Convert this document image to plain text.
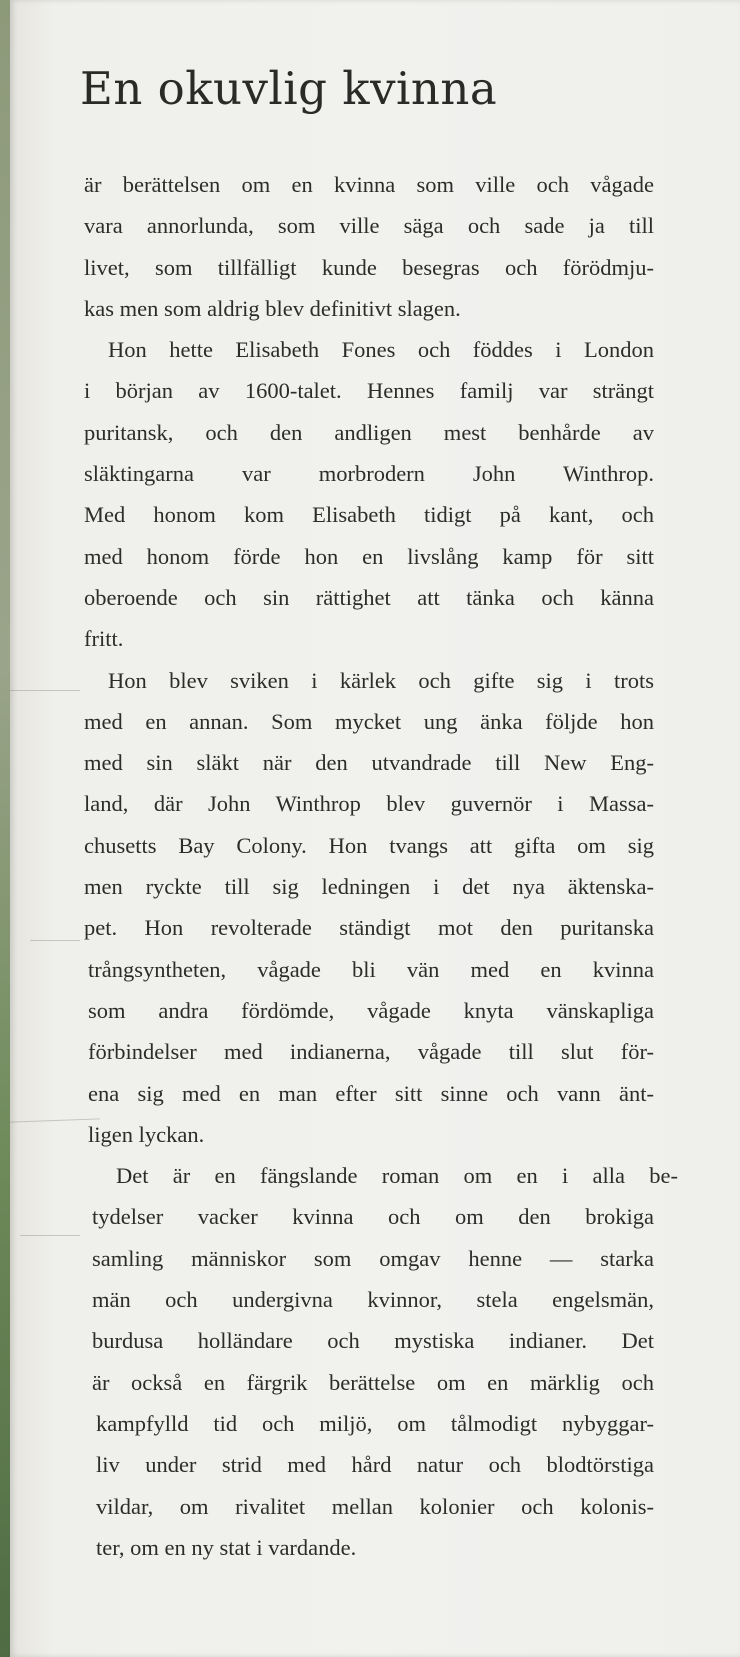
En okuvlig kvinna
är berättelsen om en kvinna som ville och vågade
vara annorlunda, som ville säga och sade ja till
livet, som tillfälligt kunde besegras och förödmju-
kas men som aldrig blev definitivt slagen.
Hon hette Elisabeth Fones och föddes i London
i början av 1600-talet. Hennes familj var strängt
puritansk, och den andligen mest benhårde av
släktingarna var morbrodern John Winthrop.
Med honom kom Elisabeth tidigt på kant, och
med honom förde hon en livslång kamp för sitt
oberoende och sin rättighet att tänka och känna
fritt.
Hon blev sviken i kärlek och gifte sig i trots
med en annan. Som mycket ung änka följde hon
med sin släkt när den utvandrade till New Eng-
land, där John Winthrop blev guvernör i Massa-
chusetts Bay Colony. Hon tvangs att gifta om sig
men ryckte till sig ledningen i det nya äktenska-
pet. Hon revolterade ständigt mot den puritanska
trångsyntheten, vågade bli vän med en kvinna
som andra fördömde, vågade knyta vänskapliga
förbindelser med indianerna, vågade till slut för-
ena sig med en man efter sitt sinne och vann änt-
ligen lyckan.
Det är en fängslande roman om en i alla be-
tydelser vacker kvinna och om den brokiga
samling människor som omgav henne — starka
män och undergivna kvinnor, stela engelsmän,
burdusa holländare och mystiska indianer. Det
är också en färgrik berättelse om en märklig och
kampfylld tid och miljö, om tålmodigt nybyggar-
liv under strid med hård natur och blodtörstiga
vildar, om rivalitet mellan kolonier och kolonis-
ter, om en ny stat i vardande.
